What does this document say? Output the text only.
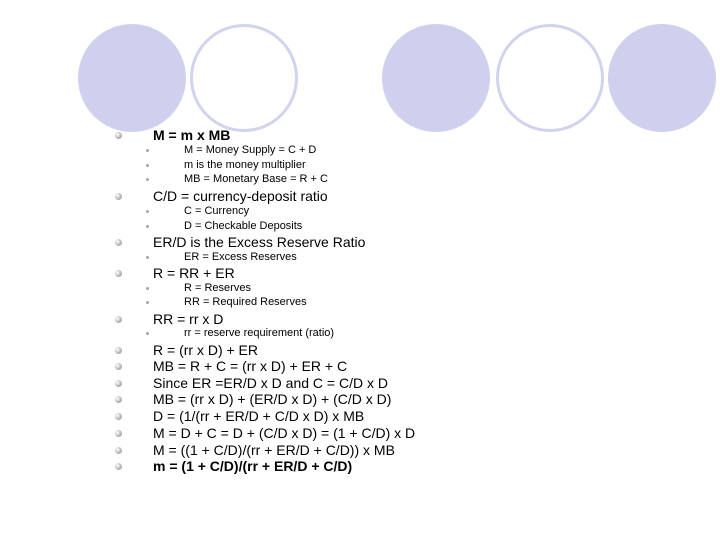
M = m x MB
M = Money Supply = C + D
m is the money multiplier
MB = Monetary Base = R + C
C/D = currency-deposit ratio
C = Currency
D = Checkable Deposits
ER/D is the Excess Reserve Ratio
ER = Excess Reserves
R = RR + ER
R = Reserves
RR = Required Reserves
RR = rr x D
rr = reserve requirement (ratio)
R = (rr x D) + ER
MB = R + C = (rr x D) + ER + C
Since ER =ER/D x D and C = C/D x D
MB = (rr x D) + (ER/D x D) + (C/D x D)
D = (1/(rr + ER/D + C/D x D) x MB
M = D + C = D + (C/D x D) = (1 + C/D) x D
M = ((1 + C/D)/(rr + ER/D + C/D)) x MB
m = (1 + C/D)/(rr + ER/D + C/D)
